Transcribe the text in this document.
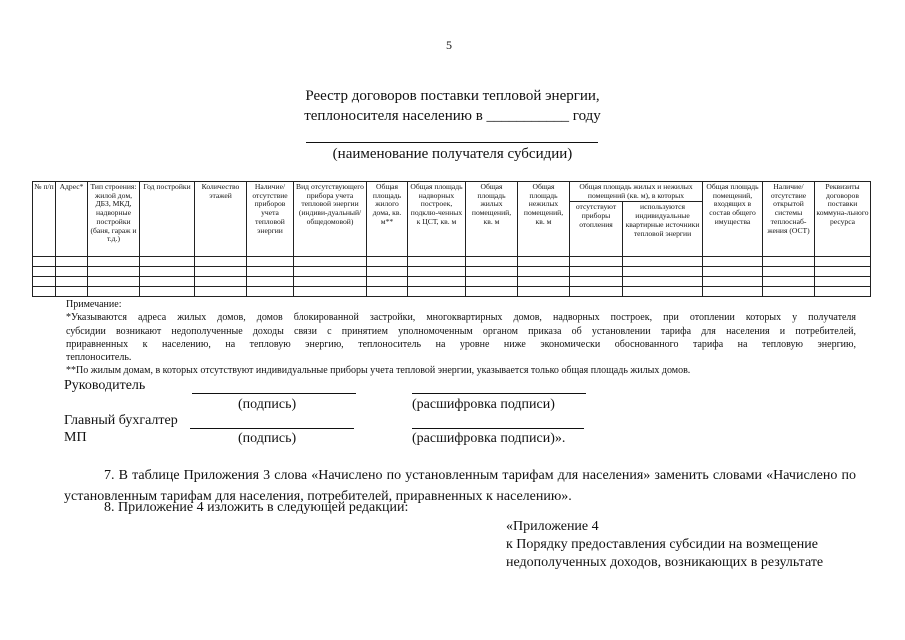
5
Реестр договоров поставки тепловой энергии,
теплоносителя населению в ___________ году
(наименование получателя субсидии)
№ п/п	Адрес*	Тип строения: жилой дом, ДБЗ, МКД, надворные постройки (баня, гараж и т.д.)	Год постройки	Количество этажей	Наличие/ отсутствие приборов учета тепловой энергии	Вид отсутствующего прибора учета тепловой энергии (индиви-дуальный/ общедомовой)	Общая площадь жилого дома, кв. м**	Общая площадь надворных построек, подклю-ченных к ЦСТ, кв. м	Общая площадь жилых помещений, кв. м	Общая площадь нежилых помещений, кв. м	Общая площадь жилых и нежилых помещений (кв. м), в которых		Общая площадь помещений, входящих в состав общего имущества	Наличие/ отсутствие открытой системы теплоснаб-жения (ОСТ)	Реквизиты договоров поставки коммуна-льного ресурса
											отсутствуют приборы отопления	используются индивидуальные квартирные источники тепловой энергии			

Примечание:

*Указываются адреса жилых домов, домов блокированной застройки, многоквартирных домов, надворных построек, при отоплении которых у получателя

субсидии возникают недополученные доходы связи с принятием уполномоченным органом приказа об установлении тарифа для населения и потребителей,

приравненных к населению, на тепловую энергию, теплоноситель на уровне ниже экономически обоснованного тарифа на тепловую энергию,

теплоноситель.

**По жилым домам, в которых отсутствуют индивидуальные приборы учета тепловой энергии, указывается только общая площадь жилых домов.

Руководитель
(подпись)	(расшифровка подписи)
Главный бухгалтер
МП	(подпись)	(расшифровка подписи)».
7. В таблице Приложения 3 слова «Начислено по установленным тарифам для населения» заменить словами «Начислено по установленным тарифам для населения, потребителей, приравненных к населению».
8. Приложение 4 изложить в следующей редакции:
«Приложение 4
к Порядку предоставления субсидии на возмещение
недополученных доходов, возникающих в результате
